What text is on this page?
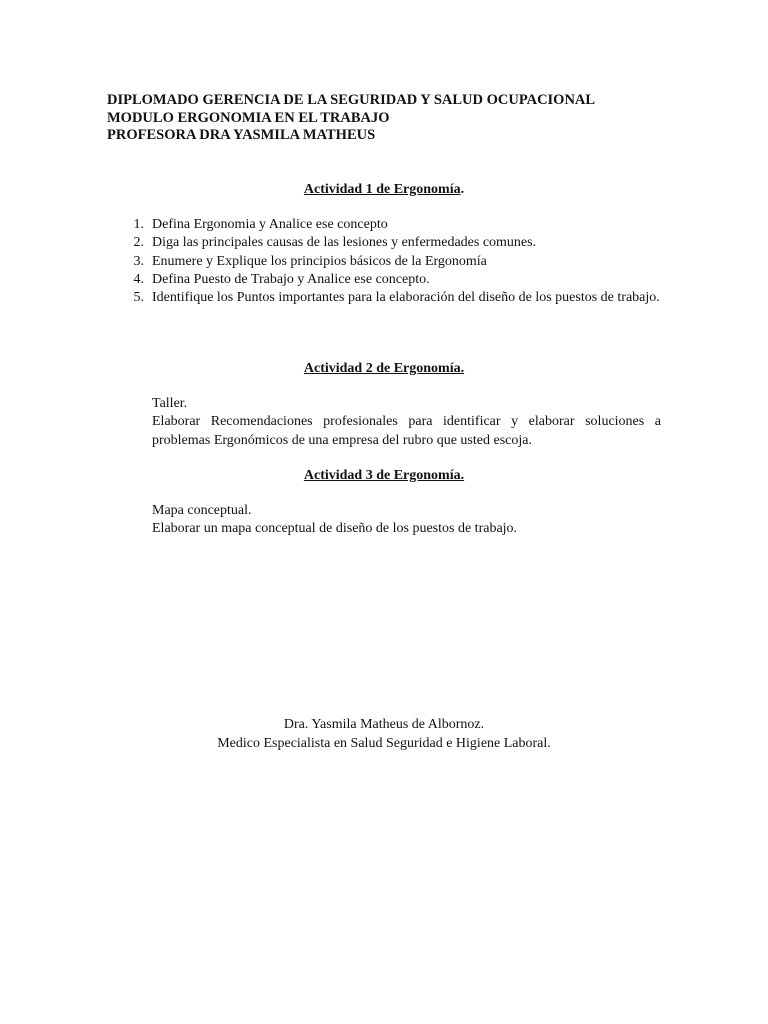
DIPLOMADO GERENCIA DE LA SEGURIDAD Y SALUD OCUPACIONAL
MODULO ERGONOMIA EN EL TRABAJO
PROFESORA DRA YASMILA MATHEUS
Actividad 1 de Ergonomía.
1. Defina Ergonomia y Analice ese concepto
2. Diga las principales causas de las lesiones y enfermedades comunes.
3. Enumere y Explique los principios básicos de la Ergonomía
4. Defina Puesto de Trabajo y Analice ese concepto.
5. Identifique los Puntos importantes para la elaboración del diseño de los puestos de trabajo.
Actividad 2 de Ergonomía.
Taller.
Elaborar Recomendaciones profesionales para identificar y elaborar soluciones a problemas Ergonómicos de una empresa del rubro que usted escoja.
Actividad 3 de Ergonomía.
Mapa conceptual.
Elaborar un mapa conceptual de diseño de los puestos de trabajo.
Dra. Yasmila Matheus de Albornoz.
Medico Especialista en Salud Seguridad e Higiene Laboral.
